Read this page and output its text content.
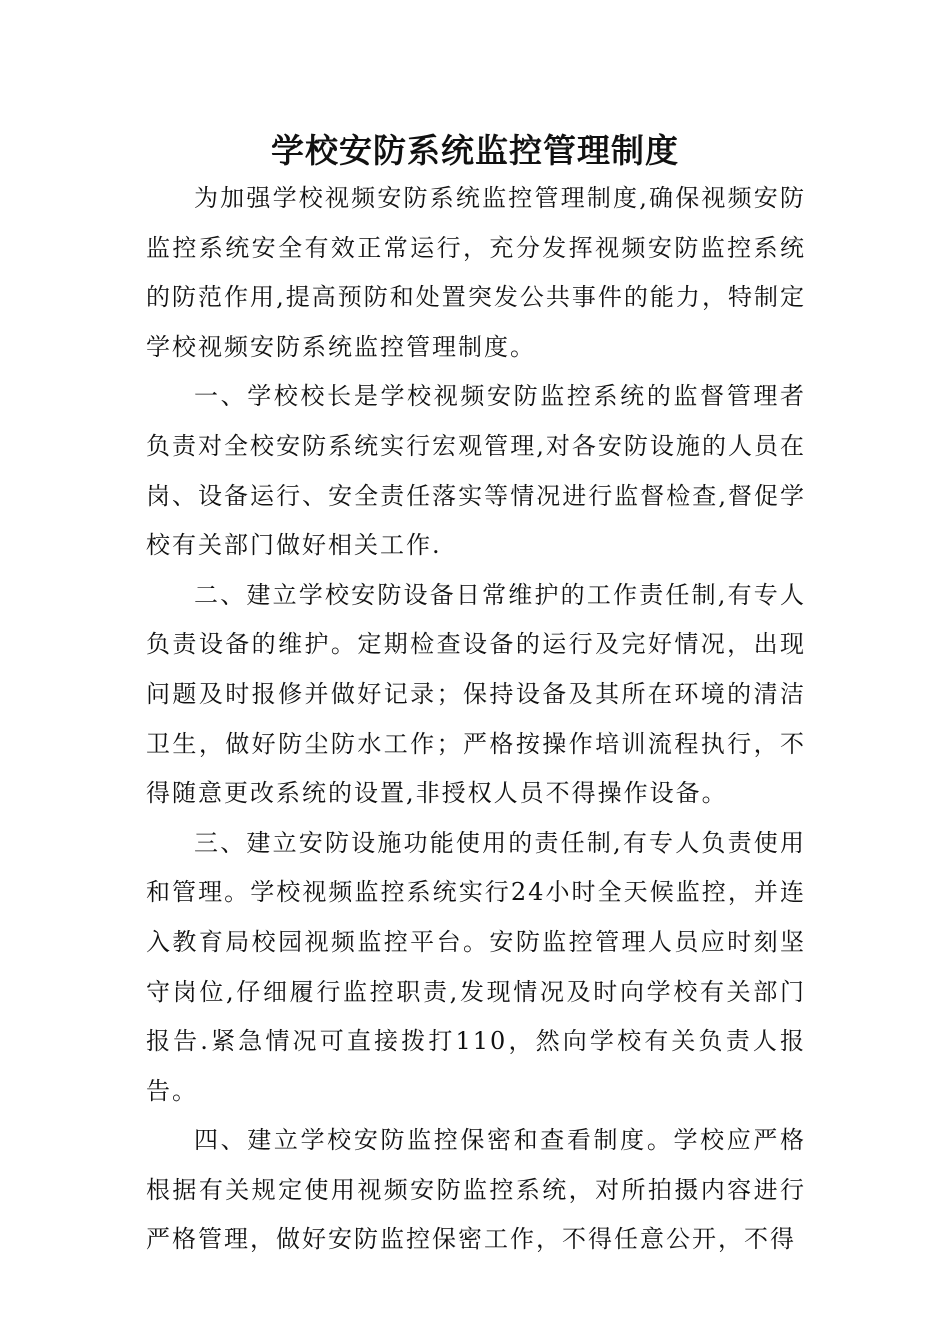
学校安防系统监控管理制度

为加强学校视频安防系统监控管理制度,确保视频安防监控系统安全有效正常运行，充分发挥视频安防监控系统的防范作用,提高预防和处置突发公共事件的能力，特制定学校视频安防系统监控管理制度。

一、学校校长是学校视频安防监控系统的监督管理者负责对全校安防系统实行宏观管理,对各安防设施的人员在岗、设备运行、安全责任落实等情况进行监督检查,督促学校有关部门做好相关工作.

二、建立学校安防设备日常维护的工作责任制,有专人负责设备的维护。定期检查设备的运行及完好情况，出现问题及时报修并做好记录；保持设备及其所在环境的清洁卫生，做好防尘防水工作；严格按操作培训流程执行，不得随意更改系统的设置,非授权人员不得操作设备。

三、建立安防设施功能使用的责任制,有专人负责使用和管理。学校视频监控系统实行24小时全天候监控，并连入教育局校园视频监控平台。安防监控管理人员应时刻坚守岗位,仔细履行监控职责,发现情况及时向学校有关部门报告.紧急情况可直接拨打110，然向学校有关负责人报告。

四、建立学校安防监控保密和查看制度。学校应严格根据有关规定使用视频安防监控系统，对所拍摄内容进行严格管理，做好安防监控保密工作，不得任意公开，不得
